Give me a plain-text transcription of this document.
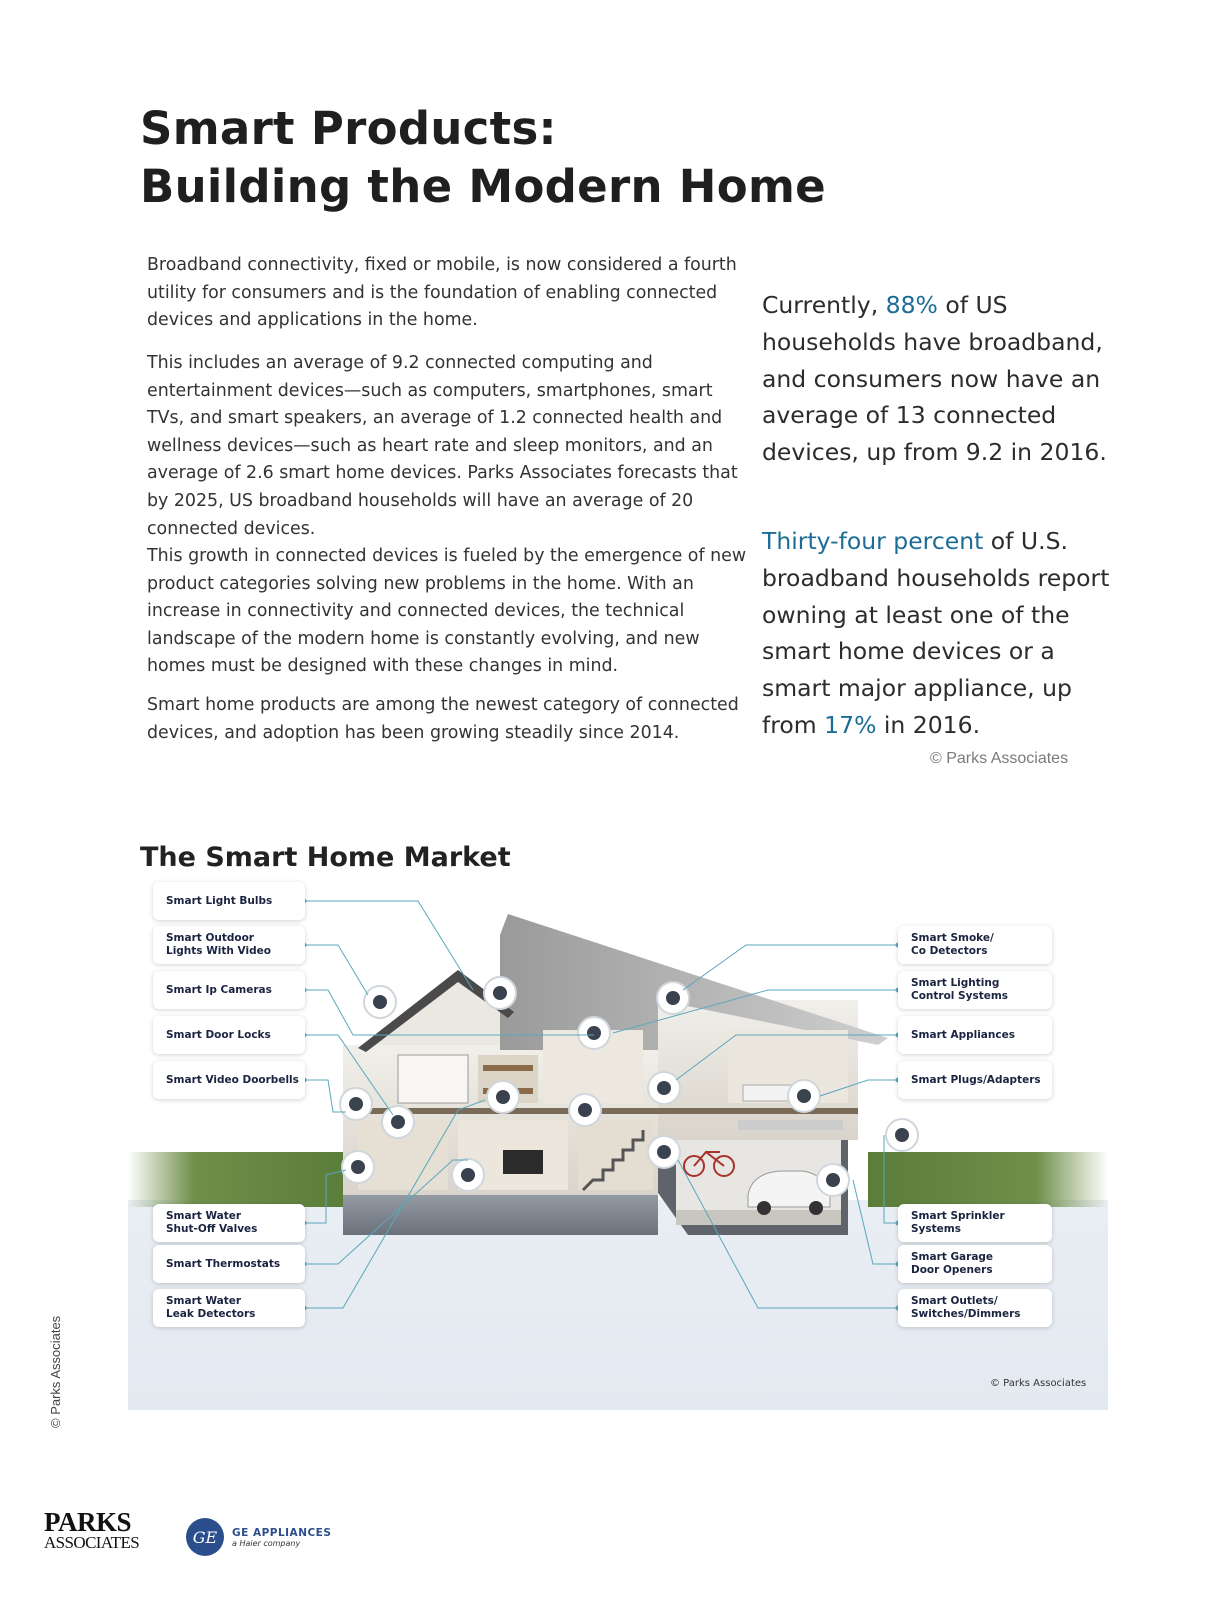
Smart Products:
Building the Modern Home

Broadband connectivity, fixed or mobile, is now considered a fourth utility for consumers and is the foundation of enabling connected devices and applications in the home.

This includes an average of 9.2 connected computing and entertainment devices—such as computers, smartphones, smart TVs, and smart speakers, an average of 1.2 connected health and wellness devices—such as heart rate and sleep monitors, and an average of 2.6 smart home devices. Parks Associates forecasts that by 2025, US broadband households will have an average of 20 connected devices.

This growth in connected devices is fueled by the emergence of new product categories solving new problems in the home. With an increase in connectivity and connected devices, the technical landscape of the modern home is constantly evolving, and new homes must be designed with these changes in mind.

Smart home products are among the newest category of connected devices, and adoption has been growing steadily since 2014.

Currently, 88% of US households have broadband, and consumers now have an average of 13 connected devices, up from 9.2 in 2016.
Thirty-four percent of U.S. broadband households report owning at least one of the smart home devices or a smart major appliance, up from 17% in 2016.
© Parks Associates
The Smart Home Market
Smart Light Bulbs
Smart Outdoor
Lights With Video
Smart Ip Cameras
Smart Door Locks
Smart Video Doorbells
Smart Water
Shut-Off Valves
Smart Thermostats
Smart Water
Leak Detectors
Smart Smoke/
Co Detectors
Smart Lighting
Control Systems
Smart Appliances
Smart Plugs/Adapters
Smart Sprinkler
Systems
Smart Garage
Door Openers
Smart Outlets/
Switches/Dimmers
© Parks Associates
© Parks Associates
PARKS
ASSOCIATES	GE	GE APPLIANCES
a Haier company
